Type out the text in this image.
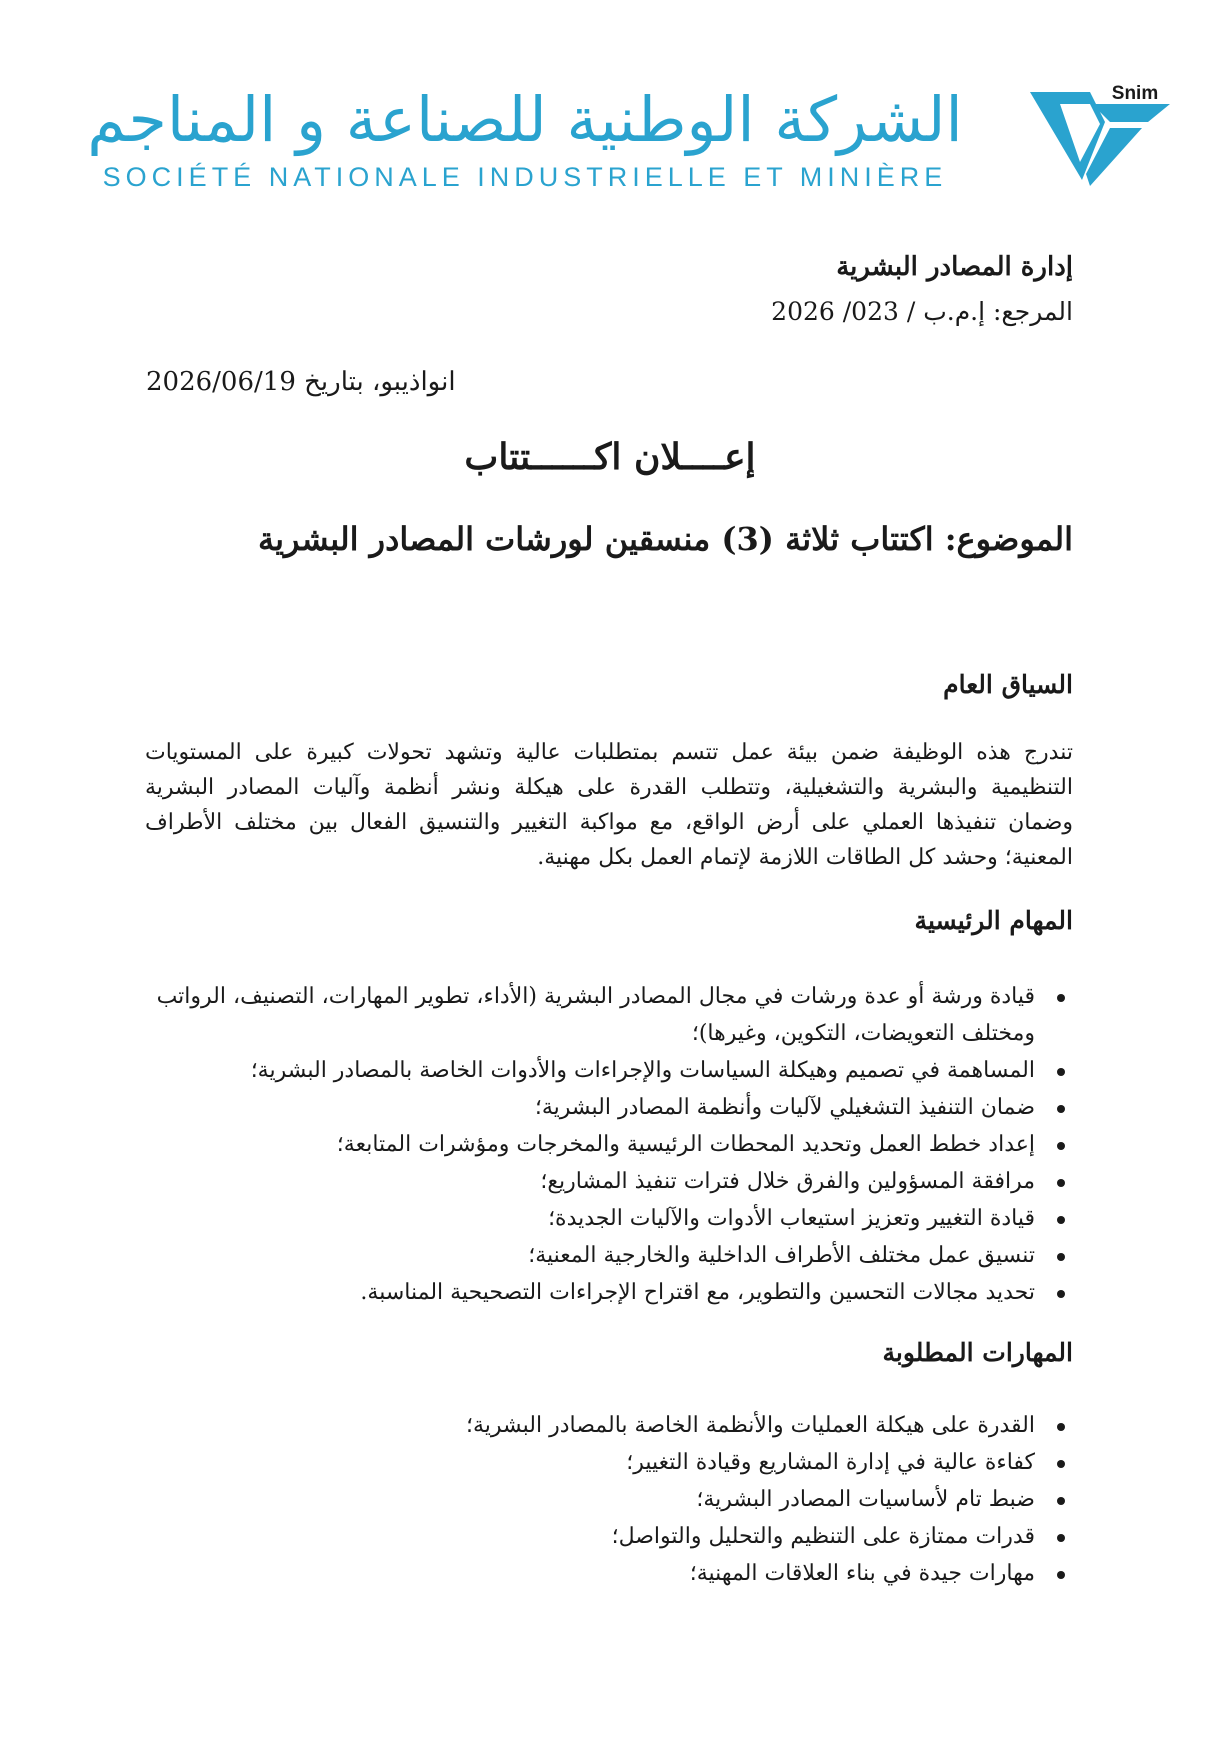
الشركة الوطنية للصناعة و المناجم
SOCIÉTÉ NATIONALE INDUSTRIELLE ET MINIÈRE
Snim
إدارة المصادر البشرية
المرجع: إ.م.ب / 023/ 2026
انواذيبو، بتاريخ 2026/06/19
إعــــلان اكــــــتتاب
الموضوع: اكتتاب ثلاثة (3) منسقين لورشات المصادر البشرية
السياق العام
تندرج هذه الوظيفة ضمن بيئة عمل تتسم بمتطلبات عالية وتشهد تحولات كبيرة على المستويات التنظيمية والبشرية والتشغيلية، وتتطلب القدرة على هيكلة ونشر أنظمة وآليات المصادر البشرية وضمان تنفيذها العملي على أرض الواقع، مع مواكبة التغيير والتنسيق الفعال بين مختلف الأطراف المعنية؛ وحشد كل الطاقات اللازمة لإتمام العمل بكل مهنية.
المهام الرئيسية
قيادة ورشة أو عدة ورشات في مجال المصادر البشرية (الأداء، تطوير المهارات، التصنيف، الرواتب ومختلف التعويضات، التكوين، وغيرها)؛
المساهمة في تصميم وهيكلة السياسات والإجراءات والأدوات الخاصة بالمصادر البشرية؛
ضمان التنفيذ التشغيلي لآليات وأنظمة المصادر البشرية؛
إعداد خطط العمل وتحديد المحطات الرئيسية والمخرجات ومؤشرات المتابعة؛
مرافقة المسؤولين والفرق خلال فترات تنفيذ المشاريع؛
قيادة التغيير وتعزيز استيعاب الأدوات والآليات الجديدة؛
تنسيق عمل مختلف الأطراف الداخلية والخارجية المعنية؛
تحديد مجالات التحسين والتطوير، مع اقتراح الإجراءات التصحيحية المناسبة.
المهارات المطلوبة
القدرة على هيكلة العمليات والأنظمة الخاصة بالمصادر البشرية؛
كفاءة عالية في إدارة المشاريع وقيادة التغيير؛
ضبط تام لأساسيات المصادر البشرية؛
قدرات ممتازة على التنظيم والتحليل والتواصل؛
مهارات جيدة في بناء العلاقات المهنية؛
